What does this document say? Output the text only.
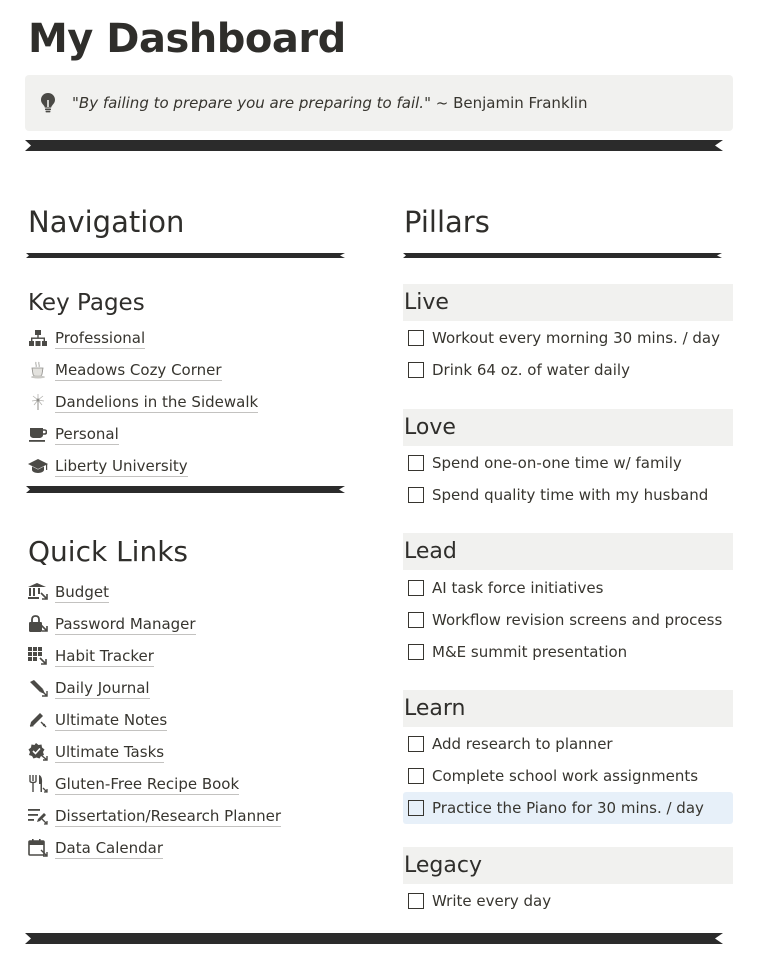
My Dashboard
"By failing to prepare you are preparing to fail." ~ Benjamin Franklin
Navigation
Key Pages
Professional
Meadows Cozy Corner
Dandelions in the Sidewalk
Personal
Liberty University
Quick Links
Budget
Password Manager
Habit Tracker
Daily Journal
Ultimate Notes
Ultimate Tasks
Gluten-Free Recipe Book
Dissertation/Research Planner
Data Calendar
Pillars
Live
Workout every morning 30 mins. / day
Drink 64 oz. of water daily
Love
Spend one-on-one time w/ family
Spend quality time with my husband
Lead
AI task force initiatives
Workflow revision screens and process
M&E summit presentation
Learn
Add research to planner
Complete school work assignments
Practice the Piano for 30 mins. / day
Legacy
Write every day
